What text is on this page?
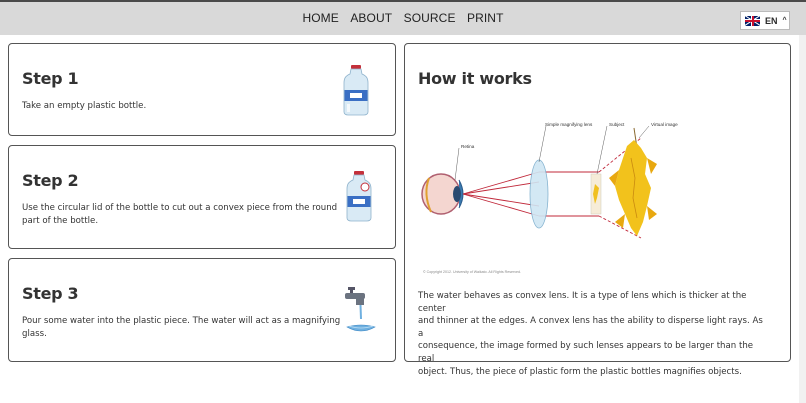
HOME ABOUT SOURCE PRINT	EN ^
Step 1
Take an empty plastic bottle.
Step 2
Use the circular lid of the bottle to cut out a convex piece from the round
part of the bottle.
Step 3
Pour some water into the plastic piece. The water will act as a magnifying
glass.
How it works
Retina
Simple magnifying lens	Subject	Virtual image
© Copyright 2012. University of Waikato. All Rights Reserved.
The water behaves as convex lens. It is a type of lens which is thicker at the center
and thinner at the edges. A convex lens has the ability to disperse light rays. As a
consequence, the image formed by such lenses appears to be larger than the real
object. Thus, the piece of plastic form the plastic bottles magnifies objects.
